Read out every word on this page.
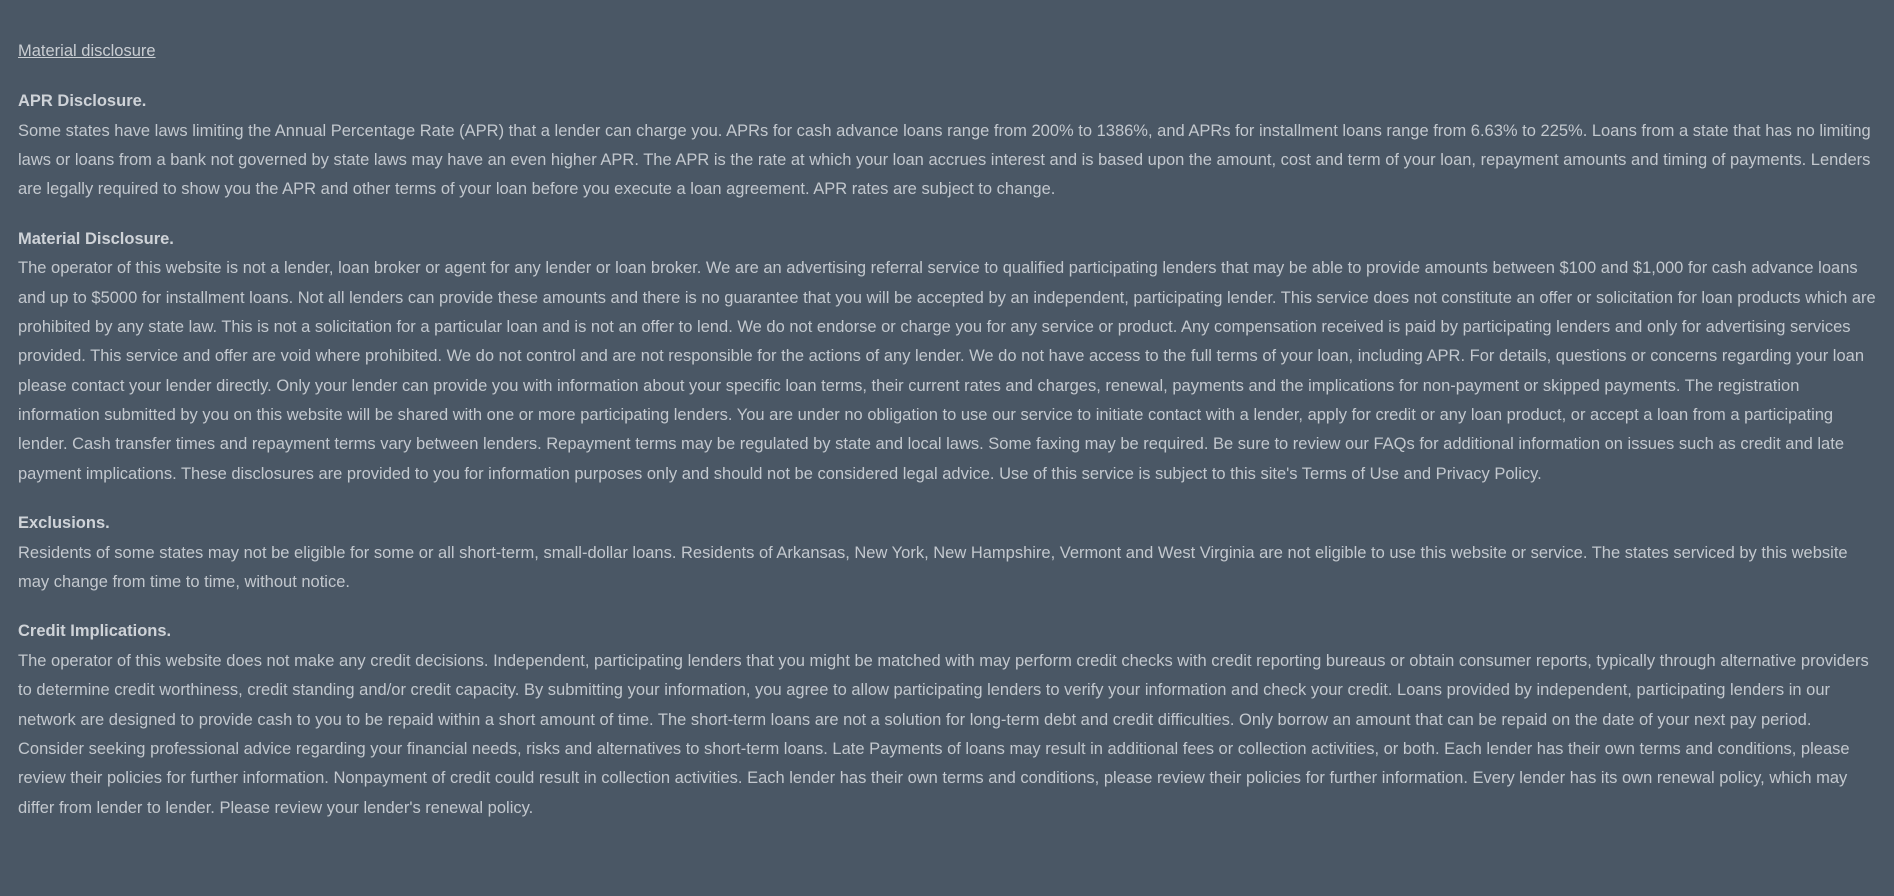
Material disclosure
APR Disclosure.

Some states have laws limiting the Annual Percentage Rate (APR) that a lender can charge you. APRs for cash advance loans range from 200% to 1386%, and APRs for installment loans range from 6.63% to 225%. Loans from a state that has no limiting laws or loans from a bank not governed by state laws may have an even higher APR. The APR is the rate at which your loan accrues interest and is based upon the amount, cost and term of your loan, repayment amounts and timing of payments. Lenders are legally required to show you the APR and other terms of your loan before you execute a loan agreement. APR rates are subject to change.

Material Disclosure.

The operator of this website is not a lender, loan broker or agent for any lender or loan broker. We are an advertising referral service to qualified participating lenders that may be able to provide amounts between $100 and $1,000 for cash advance loans and up to $5000 for installment loans. Not all lenders can provide these amounts and there is no guarantee that you will be accepted by an independent, participating lender. This service does not constitute an offer or solicitation for loan products which are prohibited by any state law. This is not a solicitation for a particular loan and is not an offer to lend. We do not endorse or charge you for any service or product. Any compensation received is paid by participating lenders and only for advertising services provided. This service and offer are void where prohibited. We do not control and are not responsible for the actions of any lender. We do not have access to the full terms of your loan, including APR. For details, questions or concerns regarding your loan please contact your lender directly. Only your lender can provide you with information about your specific loan terms, their current rates and charges, renewal, payments and the implications for non-payment or skipped payments. The registration information submitted by you on this website will be shared with one or more participating lenders. You are under no obligation to use our service to initiate contact with a lender, apply for credit or any loan product, or accept a loan from a participating lender. Cash transfer times and repayment terms vary between lenders. Repayment terms may be regulated by state and local laws. Some faxing may be required. Be sure to review our FAQs for additional information on issues such as credit and late payment implications. These disclosures are provided to you for information purposes only and should not be considered legal advice. Use of this service is subject to this site's Terms of Use and Privacy Policy.

Exclusions.

Residents of some states may not be eligible for some or all short-term, small-dollar loans. Residents of Arkansas, New York, New Hampshire, Vermont and West Virginia are not eligible to use this website or service. The states serviced by this website may change from time to time, without notice.

Credit Implications.

The operator of this website does not make any credit decisions. Independent, participating lenders that you might be matched with may perform credit checks with credit reporting bureaus or obtain consumer reports, typically through alternative providers to determine credit worthiness, credit standing and/or credit capacity. By submitting your information, you agree to allow participating lenders to verify your information and check your credit. Loans provided by independent, participating lenders in our network are designed to provide cash to you to be repaid within a short amount of time. The short-term loans are not a solution for long-term debt and credit difficulties. Only borrow an amount that can be repaid on the date of your next pay period. Consider seeking professional advice regarding your financial needs, risks and alternatives to short-term loans. Late Payments of loans may result in additional fees or collection activities, or both. Each lender has their own terms and conditions, please review their policies for further information. Nonpayment of credit could result in collection activities. Each lender has their own terms and conditions, please review their policies for further information. Every lender has its own renewal policy, which may differ from lender to lender. Please review your lender's renewal policy.
